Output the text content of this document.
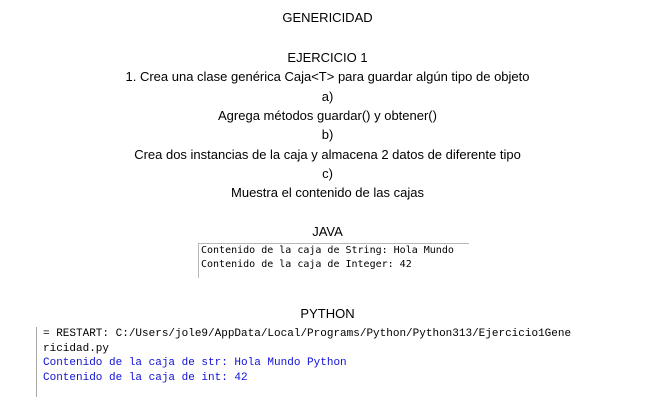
GENERICIDAD
EJERCICIO 1
1. Crea una clase genérica Caja<T> para guardar algún tipo de objeto
a)
Agrega métodos guardar() y obtener()
b)
Crea dos instancias de la caja y almacena 2 datos de diferente tipo
c)
Muestra el contenido de las cajas
JAVA
Contenido de la caja de String: Hola Mundo
Contenido de la caja de Integer: 42
PYTHON
= RESTART: C:/Users/jole9/AppData/Local/Programs/Python/Python313/Ejercicio1Gene
ricidad.py
Contenido de la caja de str: Hola Mundo Python
Contenido de la caja de int: 42
